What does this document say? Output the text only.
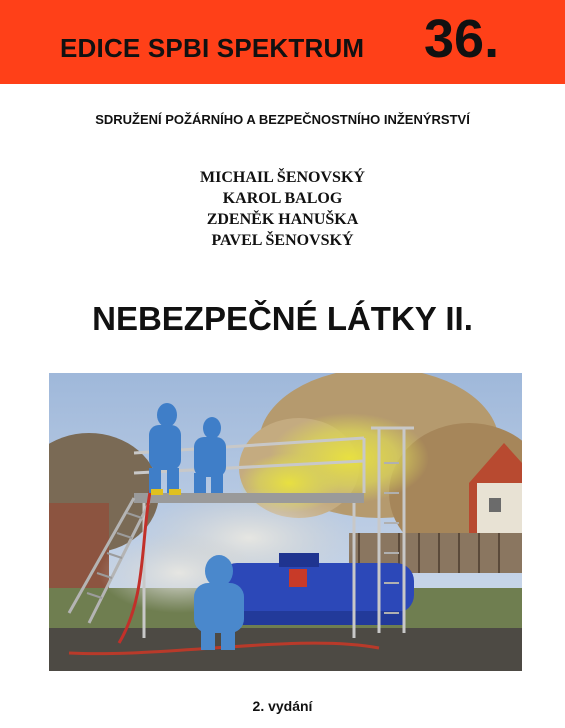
EDICE SPBI SPEKTRUM 36.
SDRUŽENÍ POŽÁRNÍHO A BEZPEČNOSTNÍHO INŽENÝRSTVÍ
MICHAIL ŠENOVSKÝ
KAROL BALOG
ZDENĚK HANUŠKA
PAVEL ŠENOVSKÝ
NEBEZPEČNÉ LÁTKY II.
2. vydání
